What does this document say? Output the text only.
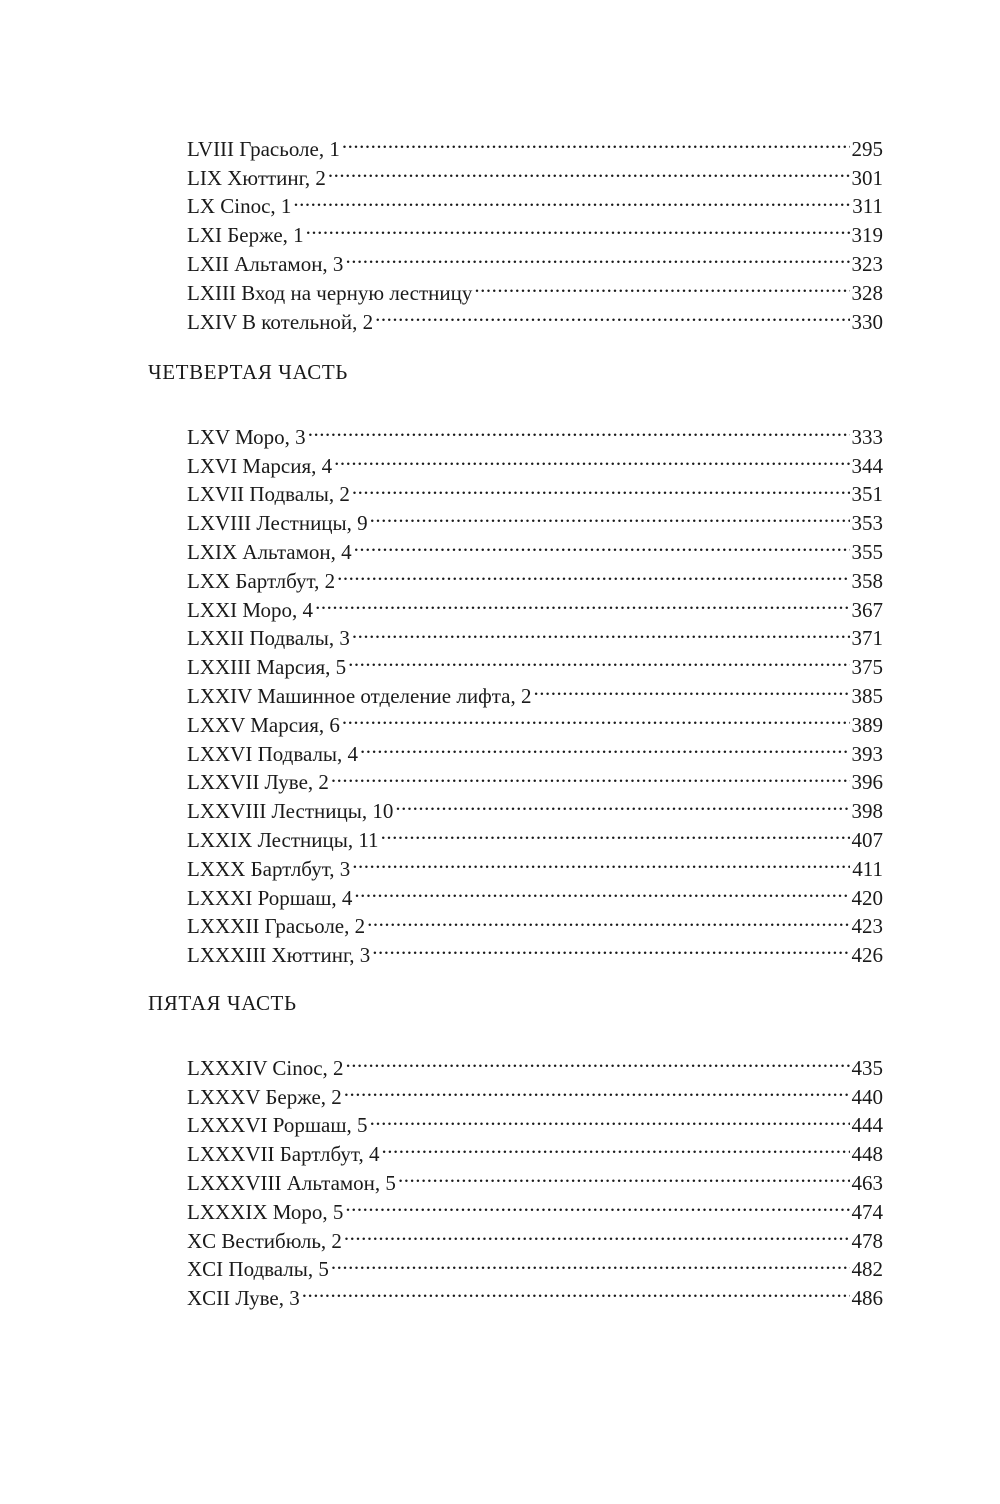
LVIII Грасьоле, 1 .....	295
LIX Хюттинг, 2 .....	301
LX Cinoc, 1 .....	311
LXI Берже, 1 .....	319
LXII Альтамон, 3 .....	323
LXIII Вход на черную лестницу .....	328
LXIV В котельной, 2 .....	330
ЧЕТВЕРТАЯ ЧАСТЬ
LXV Моро, 3 .....	333
LXVI Марсия, 4 .....	344
LXVII Подвалы, 2 .....	351
LXVIII Лестницы, 9 .....	353
LXIX Альтамон, 4 .....	355
LXX Бартлбут, 2 .....	358
LXXI Моро, 4 .....	367
LXXII Подвалы, 3 .....	371
LXXIII Марсия, 5 .....	375
LXXIV Машинное отделение лифта, 2 .....	385
LXXV Марсия, 6 .....	389
LXXVI Подвалы, 4 .....	393
LXXVII Луве, 2 .....	396
LXXVIII Лестницы, 10 .....	398
LXXIX Лестницы, 11 .....	407
LXXX Бартлбут, 3 .....	411
LXXXI Роршаш, 4 .....	420
LXXXII Грасьоле, 2 .....	423
LXXXIII Хюттинг, 3 .....	426
ПЯТАЯ ЧАСТЬ
LXXXIV Cinoc, 2 .....	435
LXXXV Берже, 2 .....	440
LXXXVI Роршаш, 5 .....	444
LXXXVII Бартлбут, 4 .....	448
LXXXVIII Альтамон, 5 .....	463
LXXXIX Моро, 5 .....	474
XC Вестибюль, 2 .....	478
XCI Подвалы, 5 .....	482
XCII Луве, 3 .....	486
